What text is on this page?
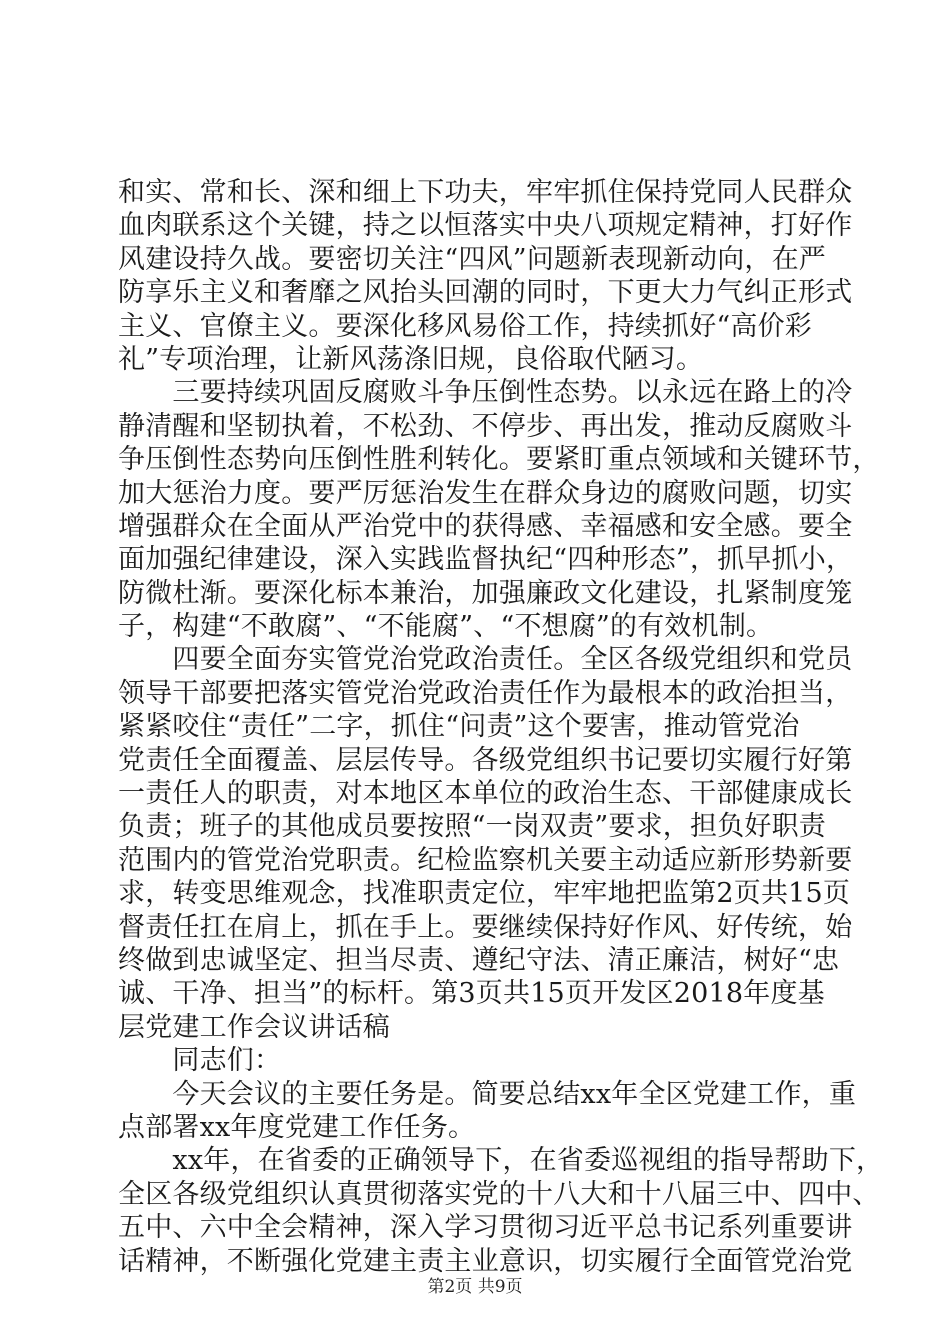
和实、常和长、深和细上下功夫，牢牢抓住保持党同人民群众
血肉联系这个关键，持之以恒落实中央八项规定精神，打好作
风建设持久战。要密切关注“四风”问题新表现新动向，在严
防享乐主义和奢靡之风抬头回潮的同时，下更大力气纠正形式
主义、官僚主义。要深化移风易俗工作，持续抓好“高价彩
礼”专项治理，让新风荡涤旧规，良俗取代陋习。
　　三要持续巩固反腐败斗争压倒性态势。以永远在路上的冷
静清醒和坚韧执着，不松劲、不停步、再出发，推动反腐败斗
争压倒性态势向压倒性胜利转化。要紧盯重点领域和关键环节，
加大惩治力度。要严厉惩治发生在群众身边的腐败问题，切实
增强群众在全面从严治党中的获得感、幸福感和安全感。要全
面加强纪律建设，深入实践监督执纪“四种形态”，抓早抓小，
防微杜渐。要深化标本兼治，加强廉政文化建设，扎紧制度笼
子，构建“不敢腐”、“不能腐”、“不想腐”的有效机制。
　　四要全面夯实管党治党政治责任。全区各级党组织和党员
领导干部要把落实管党治党政治责任作为最根本的政治担当，
紧紧咬住“责任”二字，抓住“问责”这个要害，推动管党治
党责任全面覆盖、层层传导。各级党组织书记要切实履行好第
一责任人的职责，对本地区本单位的政治生态、干部健康成长
负责；班子的其他成员要按照“一岗双责”要求，担负好职责
范围内的管党治党职责。纪检监察机关要主动适应新形势新要
求，转变思维观念，找准职责定位，牢牢地把监第2页共15页
督责任扛在肩上，抓在手上。要继续保持好作风、好传统，始
终做到忠诚坚定、担当尽责、遵纪守法、清正廉洁，树好“忠
诚、干净、担当”的标杆。第3页共15页开发区2018年度基
层党建工作会议讲话稿
　　同志们：
　　今天会议的主要任务是。简要总结xx年全区党建工作，重
点部署xx年度党建工作任务。
　　xx年，在省委的正确领导下，在省委巡视组的指导帮助下，
全区各级党组织认真贯彻落实党的十八大和十八届三中、四中、
五中、六中全会精神，深入学习贯彻习近平总书记系列重要讲
话精神，不断强化党建主责主业意识，切实履行全面管党治党
第2页 共9页
